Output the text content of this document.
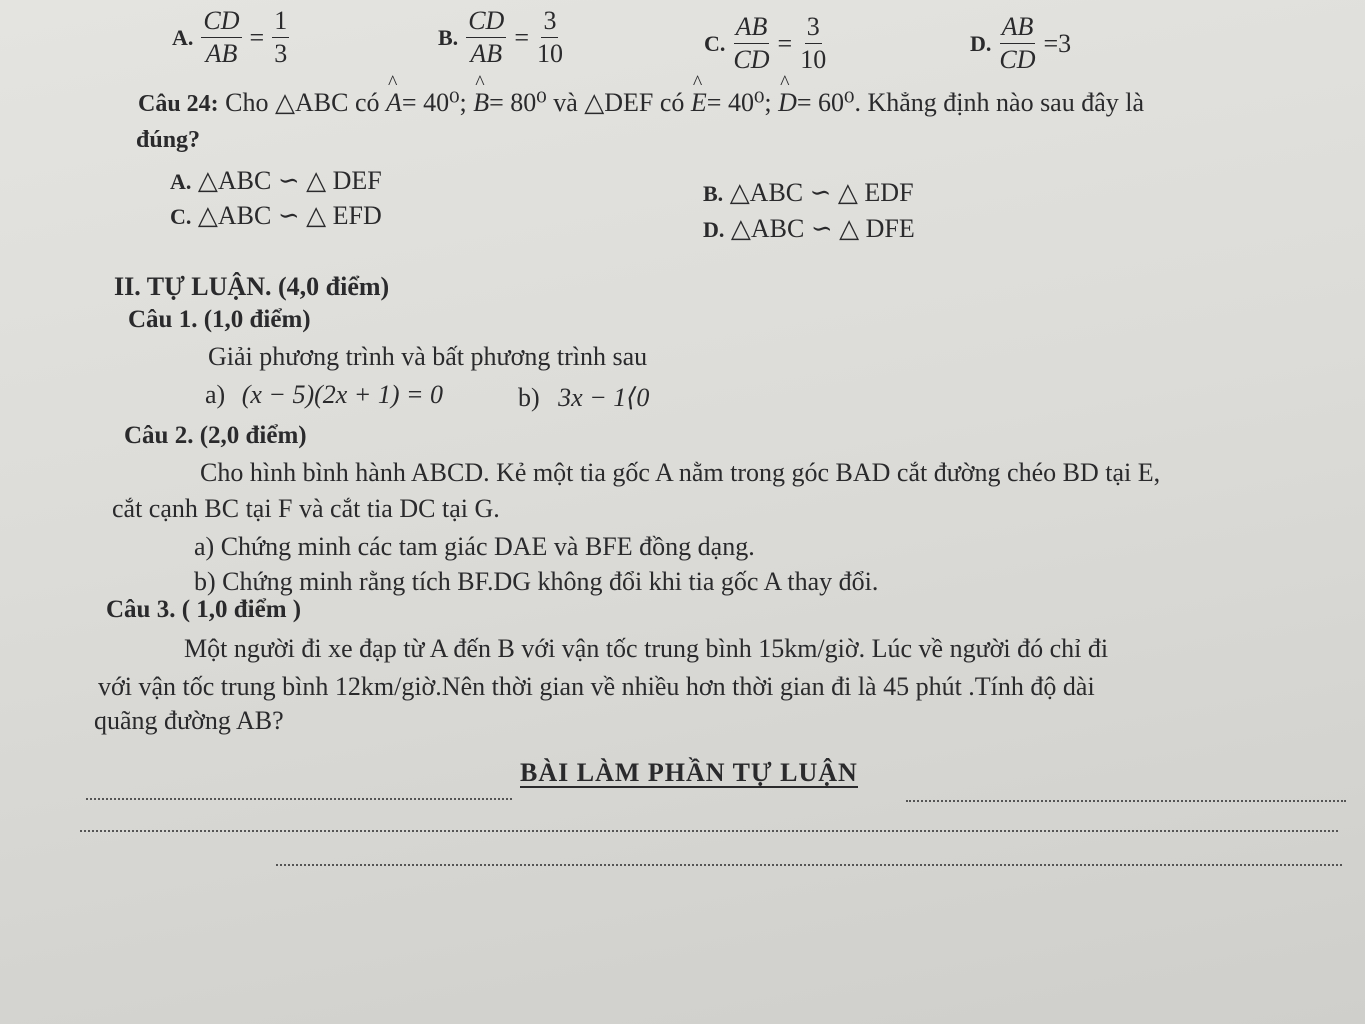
A. $\frac{CD}{AB} = \frac{1}{3}$	B. $\frac{CD}{AB} = \frac{3}{10}$	C. $\frac{AB}{CD} = \frac{3}{10}$	D. $\frac{AB}{CD} =3$
Câu 24: Cho △ABC có ^ A= 40⁰; ^ B= 80⁰ và △DEF có ^ E= 40⁰; ^ D= 60⁰. Khẳng định nào sau đây là
đúng?
A. △ABC ∽ △ DEF	B. △ABC ∽ △ EDF
C. △ABC ∽ △ EFD	D. △ABC ∽ △ DFE
II. TỰ LUẬN. (4,0 điểm)
Câu 1. (1,0 điểm)
Giải phương trình và bất phương trình sau
a) (x − 5)(2x + 1) = 0	b) 3x − 1⟨0
Câu 2. (2,0 điểm)
Cho hình bình hành ABCD. Kẻ một tia gốc A nằm trong góc BAD cắt đường chéo BD tại E,
cắt cạnh BC tại F và cắt tia DC tại G.
a) Chứng minh các tam giác DAE và BFE đồng dạng.
b) Chứng minh rằng tích BF.DG không đổi khi tia gốc A thay đổi.
Câu 3. ( 1,0 điểm )
Một người đi xe đạp từ A đến B với vận tốc trung bình 15km/giờ. Lúc về người đó chỉ đi
với vận tốc trung bình 12km/giờ.Nên thời gian về nhiều hơn thời gian đi là 45 phút .Tính độ dài
quãng đường AB?
BÀI LÀM PHẦN TỰ LUẬN
